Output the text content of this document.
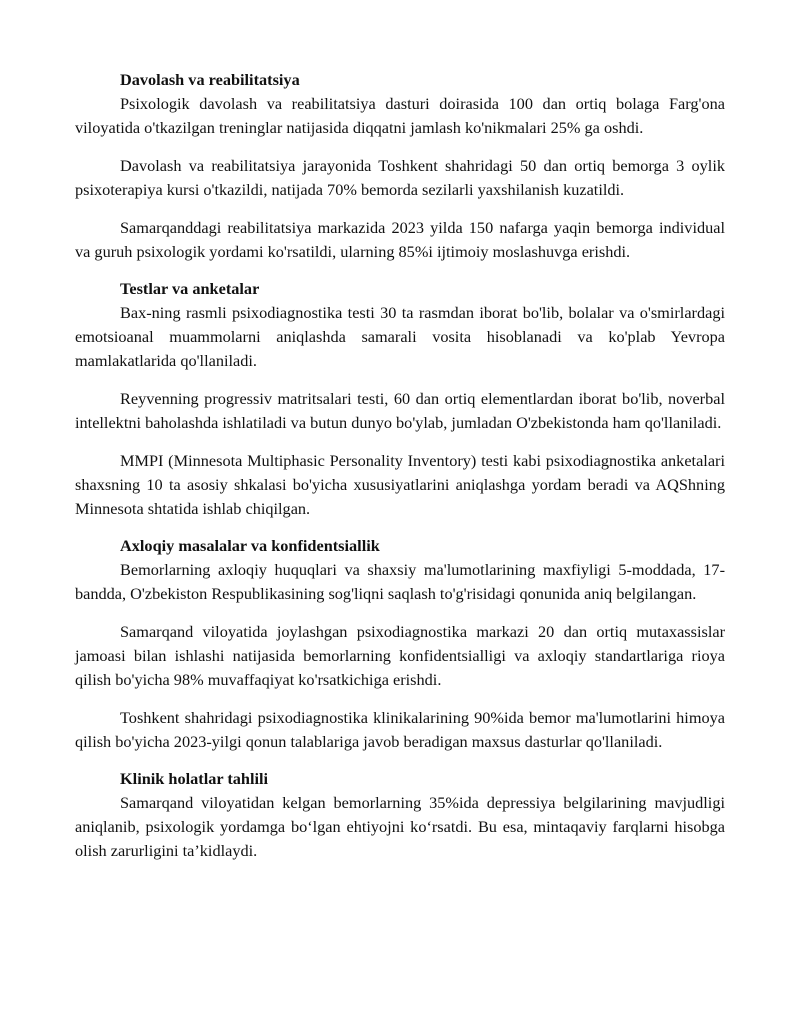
Davolash va reabilitatsiya

Psixologik davolash va reabilitatsiya dasturi doirasida 100 dan ortiq bolaga Farg'ona viloyatida o'tkazilgan treninglar natijasida diqqatni jamlash ko'nikmalari 25% ga oshdi.

Davolash va reabilitatsiya jarayonida Toshkent shahridagi 50 dan ortiq bemorga 3 oylik psixoterapiya kursi o'tkazildi, natijada 70% bemorda sezilarli yaxshilanish kuzatildi.

Samarqanddagi reabilitatsiya markazida 2023 yilda 150 nafarga yaqin bemorga individual va guruh psixologik yordami ko'rsatildi, ularning 85%i ijtimoiy moslashuvga erishdi.

Testlar va anketalar

Bax-ning rasmli psixodiagnostika testi 30 ta rasmdan iborat bo'lib, bolalar va o'smirlardagi emotsioanal muammolarni aniqlashda samarali vosita hisoblanadi va ko'plab Yevropa mamlakatlarida qo'llaniladi.

Reyvenning progressiv matritsalari testi, 60 dan ortiq elementlardan iborat bo'lib, noverbal intellektni baholashda ishlatiladi va butun dunyo bo'ylab, jumladan O'zbekistonda ham qo'llaniladi.

MMPI (Minnesota Multiphasic Personality Inventory) testi kabi psixodiagnostika anketalari shaxsning 10 ta asosiy shkalasi bo'yicha xususiyatlarini aniqlashga yordam beradi va AQShning Minnesota shtatida ishlab chiqilgan.

Axloqiy masalalar va konfidentsiallik

Bemorlarning axloqiy huquqlari va shaxsiy ma'lumotlarining maxfiyligi 5-moddada, 17-bandda, O'zbekiston Respublikasining sog'liqni saqlash to'g'risidagi qonunida aniq belgilangan.

Samarqand viloyatida joylashgan psixodiagnostika markazi 20 dan ortiq mutaxassislar jamoasi bilan ishlashi natijasida bemorlarning konfidentsialligi va axloqiy standartlariga rioya qilish bo'yicha 98% muvaffaqiyat ko'rsatkichiga erishdi.

Toshkent shahridagi psixodiagnostika klinikalarining 90%ida bemor ma'lumotlarini himoya qilish bo'yicha 2023-yilgi qonun talablariga javob beradigan maxsus dasturlar qo'llaniladi.

Klinik holatlar tahlili

Samarqand viloyatidan kelgan bemorlarning 35%ida depressiya belgilarining mavjudligi aniqlanib, psixologik yordamga bo‘lgan ehtiyojni ko‘rsatdi. Bu esa, mintaqaviy farqlarni hisobga olish zarurligini ta’kidlaydi.
